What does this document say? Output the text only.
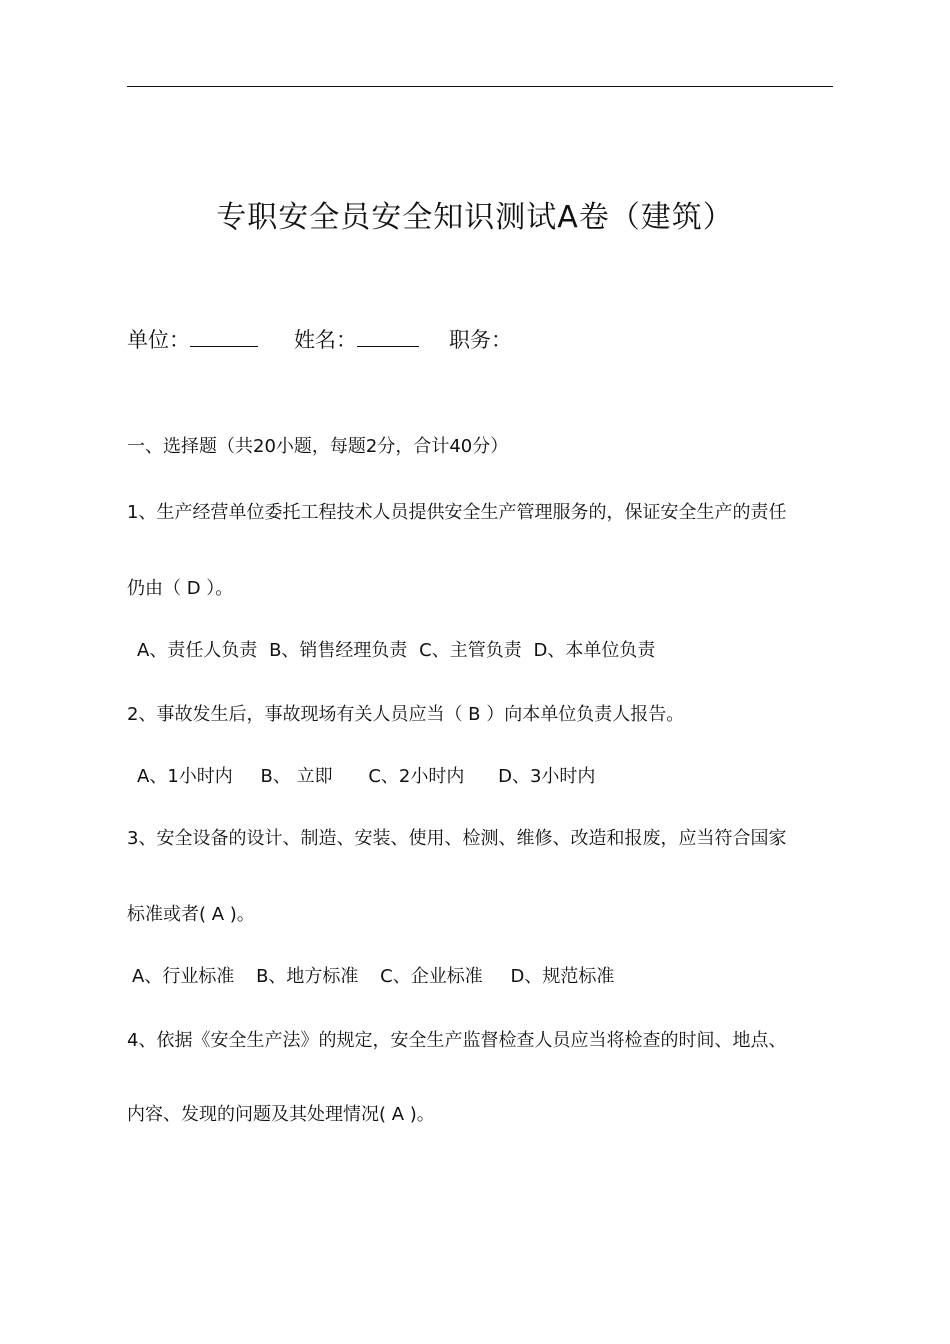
专职安全员安全知识测试A卷（建筑）
单位：	姓名：	职务：
一、选择题（共20小题，每题2分，合计40分）
1、生产经营单位委托工程技术人员提供安全生产管理服务的，保证安全生产的责任
仍由（ D ）。
A、责任人负责 B、销售经理负责 C、主管负责 D、本单位负责
2、事故发生后，事故现场有关人员应当（ B ）向本单位负责人报告。
A、1小时内 B、 立即 C、2小时内 D、3小时内
3、安全设备的设计、制造、安装、使用、检测、维修、改造和报废，应当符合国家
标准或者( A )。
A、行业标准 B、地方标准 C、企业标准 D、规范标准
4、依据《安全生产法》的规定，安全生产监督检查人员应当将检查的时间、地点、
内容、发现的问题及其处理情况( A )。
